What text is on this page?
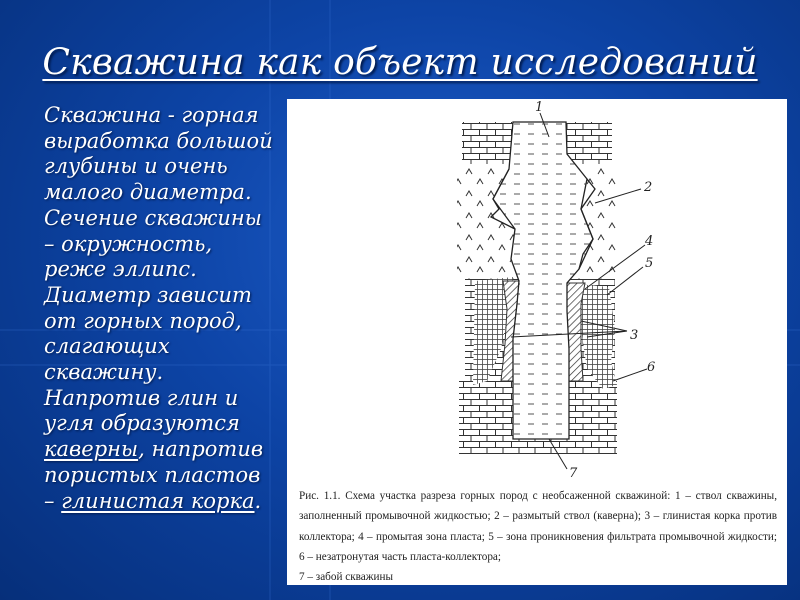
Скважина как объект исследований
Скважина - горная выработка большой глубины и очень малого диаметра. Сечение скважины – окружность, реже эллипс. Диаметр зависит от горных пород, слагающих скважину. Напротив глин и угля образуются каверны, напротив пористых пластов – глинистая корка.
1
2
4
5
3
6
7
Рис. 1.1. Схема участка разреза горных пород с необсаженной скважиной: 1 – ствол скважины, заполненный промывочной жидкостью; 2 – размытый ствол (каверна); 3 – глинистая корка против коллектора; 4 – промытая зона пласта; 5 – зона проникновения фильтрата промывочной жидкости; 6 – незатронутая часть пласта-коллектора;
7 – забой скважины
